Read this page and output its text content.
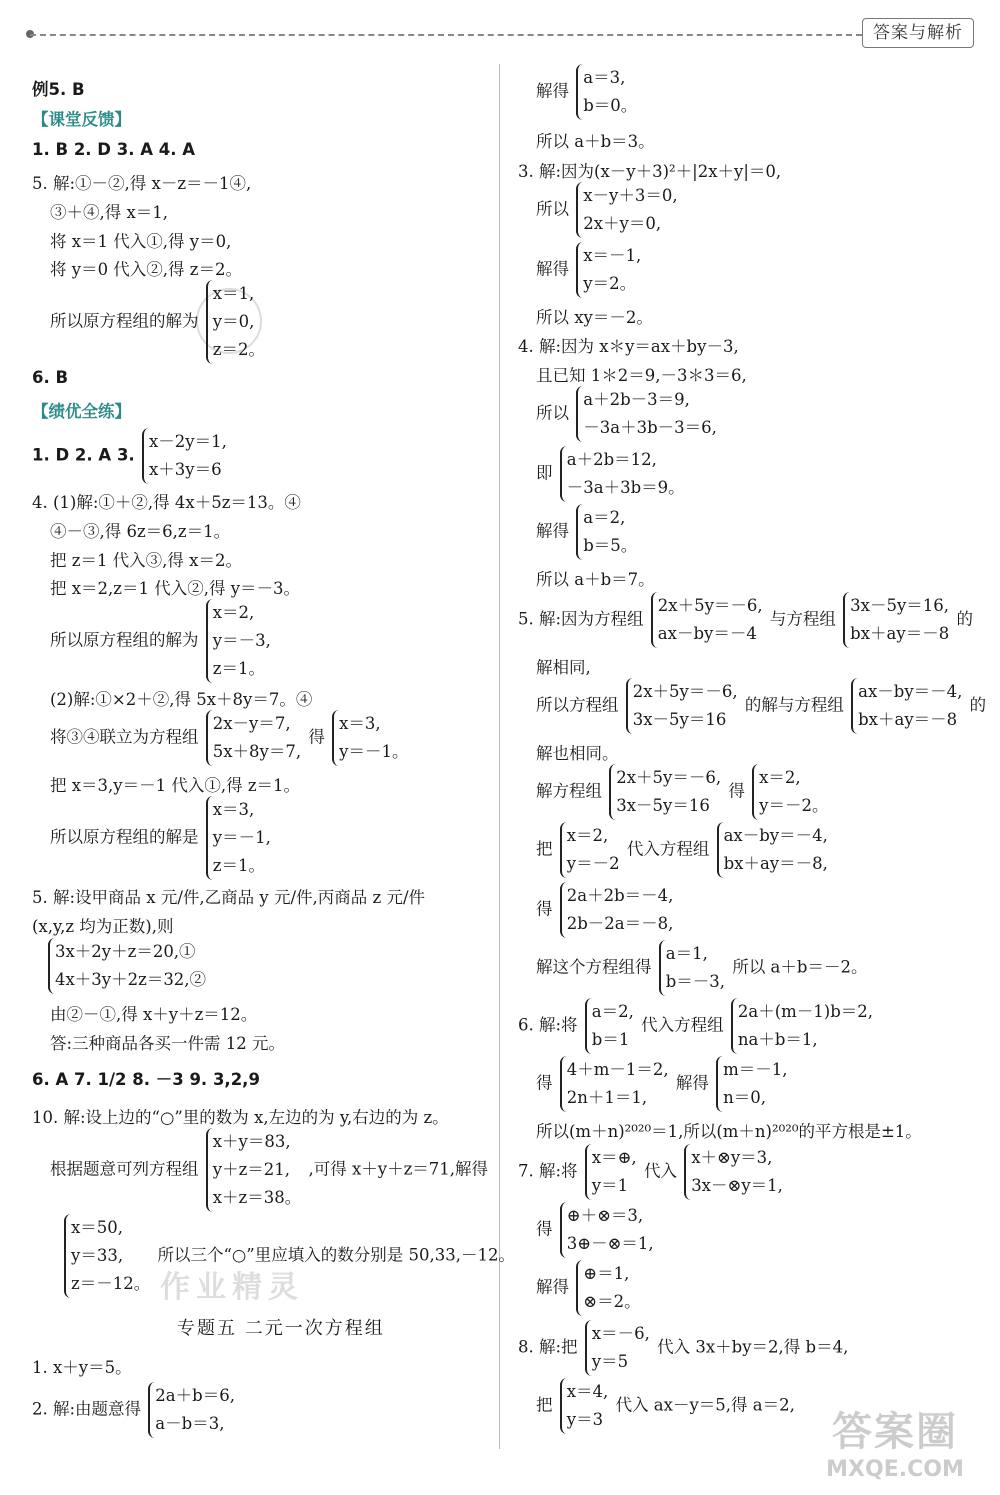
答案与解析
作业精灵
答案圈
MXQE.COM
例5. B
【课堂反馈】
1. B 2. D 3. A 4. A
5. 解:①－②,得 x－z＝－1④,
③＋④,得 x＝1,
将 x＝1 代入①,得 y＝0,
将 y＝0 代入②,得 z＝2。
所以原方程组的解为
x＝1,
y＝0,
z＝2。
6. B
【绩优全练】
1. D 2. A 3.
x－2y＝1,
x＋3y＝6
4. (1)解:①＋②,得 4x＋5z＝13。④
④－③,得 6z＝6,z＝1。
把 z＝1 代入③,得 x＝2。
把 x＝2,z＝1 代入②,得 y＝－3。
所以原方程组的解为
x＝2,
y＝－3,
z＝1。
(2)解:①×2＋②,得 5x＋8y＝7。④
将③④联立为方程组
2x－y＝7,
5x＋8y＝7,
得
x＝3,
y＝－1。
把 x＝3,y＝－1 代入①,得 z＝1。
所以原方程组的解是
x＝3,
y＝－1,
z＝1。
5. 解:设甲商品 x 元/件,乙商品 y 元/件,丙商品 z 元/件
(x,y,z 均为正数),则
3x＋2y＋z＝20,①
4x＋3y＋2z＝32,②
由②－①,得 x＋y＋z＝12。
答:三种商品各买一件需 12 元。
6. A 7. 1/2 8. －3 9. 3,2,9
10. 解:设上边的“○”里的数为 x,左边的为 y,右边的为 z。
根据题意可列方程组
x＋y＝83,
y＋z＝21,
x＋z＝38。
,可得 x＋y＋z＝71,解得
x＝50,
y＝33,
z＝－12。
所以三个“○”里应填入的数分别是 50,33,－12。
专题五 二元一次方程组
1. x＋y＝5。
2. 解:由题意得
2a＋b＝6,
a－b＝3,
解得
a＝3,
b＝0。
所以 a＋b＝3。
3. 解:因为(x－y＋3)²＋|2x＋y|＝0,
所以
x－y＋3＝0,
2x＋y＝0,
解得
x＝－1,
y＝2。
所以 xy＝－2。
4. 解:因为 x＊y＝ax＋by－3,
且已知 1＊2＝9,－3＊3＝6,
所以
a＋2b－3＝9,
－3a＋3b－3＝6,
即
a＋2b＝12,
－3a＋3b＝9。
解得
a＝2,
b＝5。
所以 a＋b＝7。
5. 解:因为方程组
2x＋5y＝－6,
ax－by＝－4
与方程组
3x－5y＝16,
bx＋ay＝－8
的
解相同,
所以方程组
2x＋5y＝－6,
3x－5y＝16
的解与方程组
ax－by＝－4,
bx＋ay＝－8
的
解也相同。
解方程组
2x＋5y＝－6,
3x－5y＝16
得
x＝2,
y＝－2。
把
x＝2,
y＝－2
代入方程组
ax－by＝－4,
bx＋ay＝－8,
得
2a＋2b＝－4,
2b－2a＝－8,
解这个方程组得
a＝1,
b＝－3,
所以 a＋b＝－2。
6. 解:将
a＝2,
b＝1
代入方程组
2a＋(m－1)b＝2,
na＋b＝1,
得
4＋m－1＝2,
2n＋1＝1,
解得
m＝－1,
n＝0,
所以(m＋n)²⁰²⁰＝1,所以(m＋n)²⁰²⁰的平方根是±1。
7. 解:将
x＝⊕,
y＝1
代入
x＋⊗y＝3,
3x－⊗y＝1,
得
⊕＋⊗＝3,
3⊕－⊗＝1,
解得
⊕＝1,
⊗＝2。
8. 解:把
x＝－6,
y＝5
代入 3x＋by＝2,得 b＝4,
把
x＝4,
y＝3
代入 ax－y＝5,得 a＝2,
